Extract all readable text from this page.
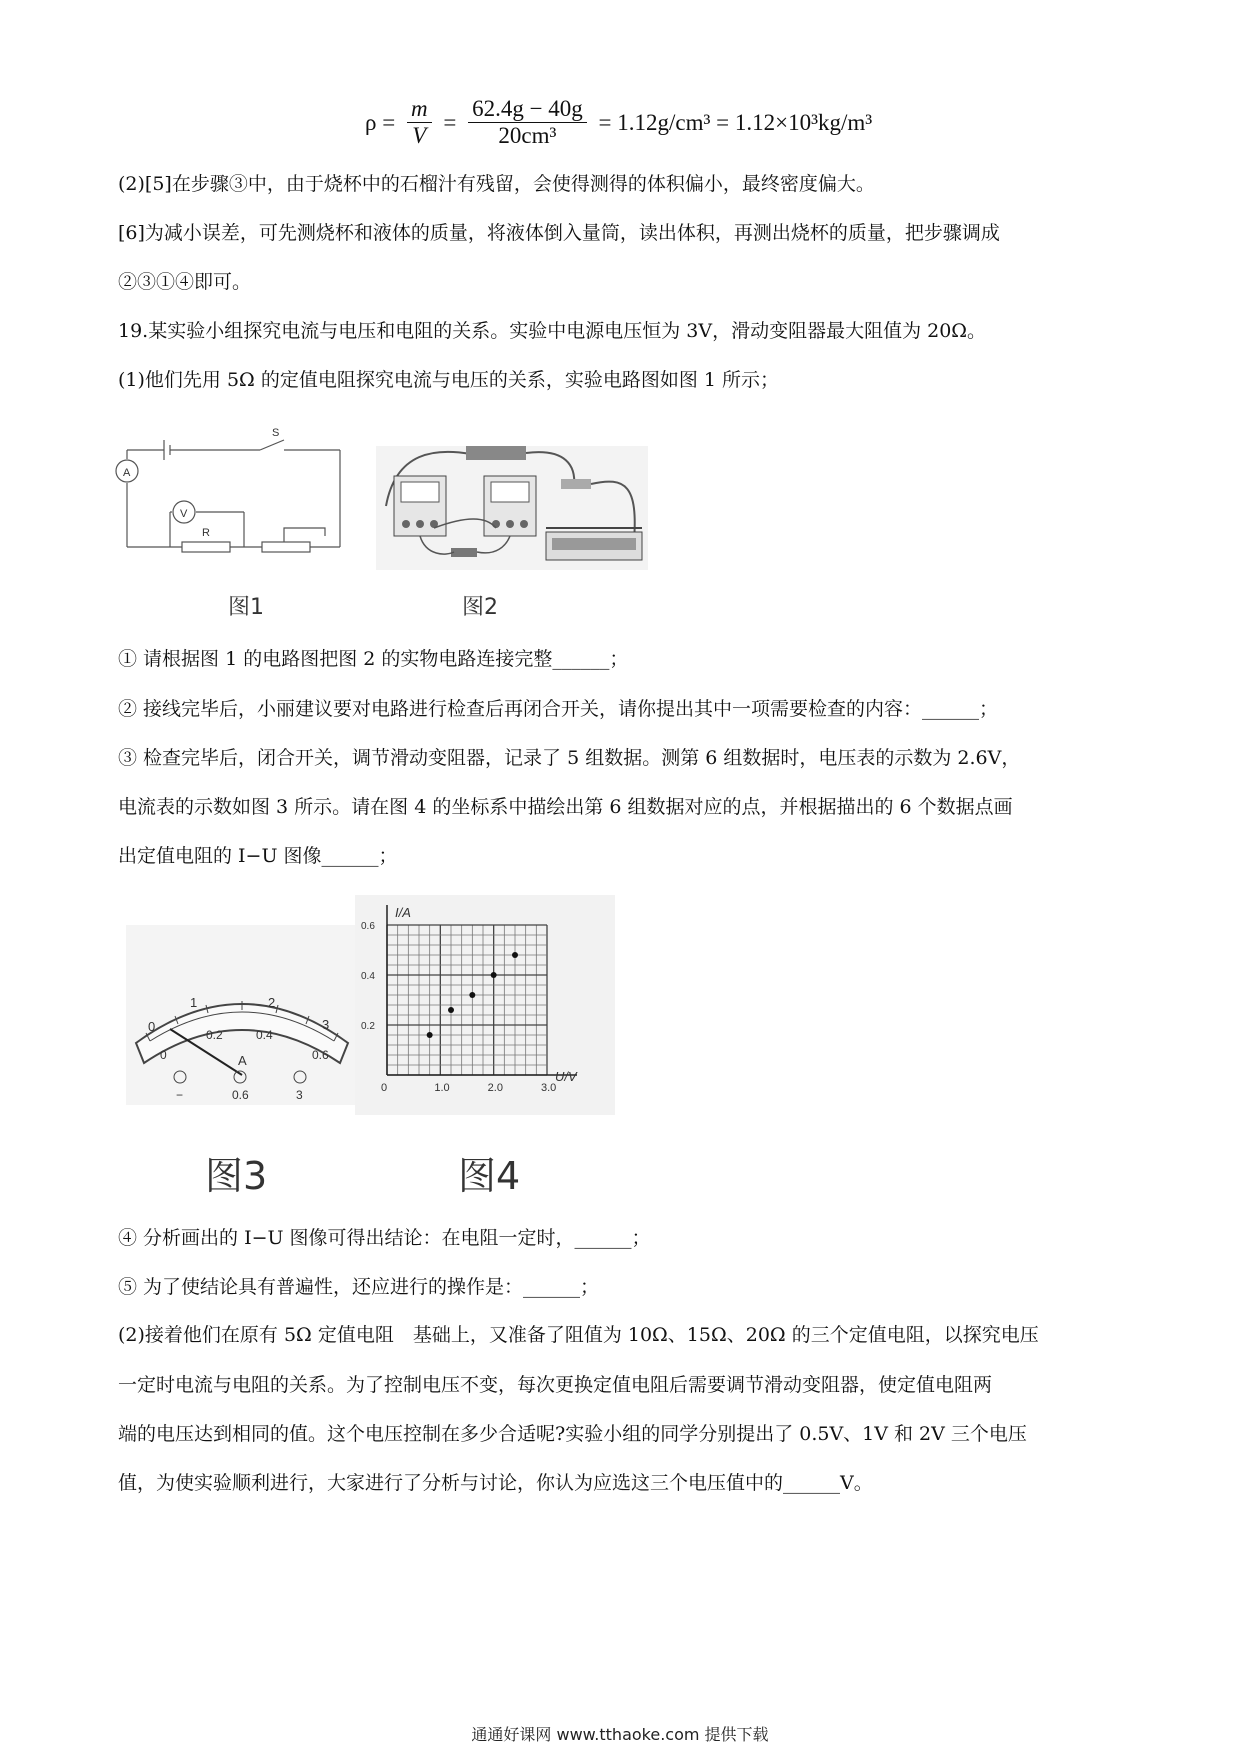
$\rho = \frac{m}{V} = \frac{62.4g - 40g}{\text{20cm³}} = 1.12g/cm^3 = 1.12\times 10^3kg/m^3$
(2)[5]在步骤③中，由于烧杯中的石榴汁有残留，会使得测得的体积偏小，最终密度偏大。
[6]为减小误差，可先测烧杯和液体的质量，将液体倒入量筒，读出体积，再测出烧杯的质量，把步骤调成
②③①④即可。
19.某实验小组探究电流与电压和电阻的关系。实验中电源电压恒为 3V，滑动变阻器最大阻值为 20Ω。
(1)他们先用 5Ω 的定值电阻探究电流与电压的关系，实验电路图如图 1 所示；
A
V
R
S
图1	图2
① 请根据图 1 的电路图把图 2 的实物电路连接完整______；
② 接线完毕后，小丽建议要对电路进行检查后再闭合开关，请你提出其中一项需要检查的内容：______；
③ 检查完毕后，闭合开关，调节滑动变阻器，记录了 5 组数据。测第 6 组数据时，电压表的示数为 2.6V，
电流表的示数如图 3 所示。请在图 4 的坐标系中描绘出第 6 组数据对应的点，并根据描出的 6 个数据点画
出定值电阻的 I−U 图像______；
0
1	2
3
0
0.2	0.4
0.6
A
−	0.6	3
图3
0	1.0	2.0	3.0
0.2
0.4
0.6
I/A
U/V
图4
④ 分析画出的 I−U 图像可得出结论：在电阻一定时，______；
⑤ 为了使结论具有普遍性，还应进行的操作是：______；
(2)接着他们在原有 5Ω 定值电阻　基础上，又准备了阻值为 10Ω、15Ω、20Ω 的三个定值电阻，以探究电压
一定时电流与电阻的关系。为了控制电压不变，每次更换定值电阻后需要调节滑动变阻器，使定值电阻两
端的电压达到相同的值。这个电压控制在多少合适呢?实验小组的同学分别提出了 0.5V、1V 和 2V 三个电压
值，为使实验顺利进行，大家进行了分析与讨论，你认为应选这三个电压值中的______V。
通通好课网 www.tthaoke.com 提供下载
